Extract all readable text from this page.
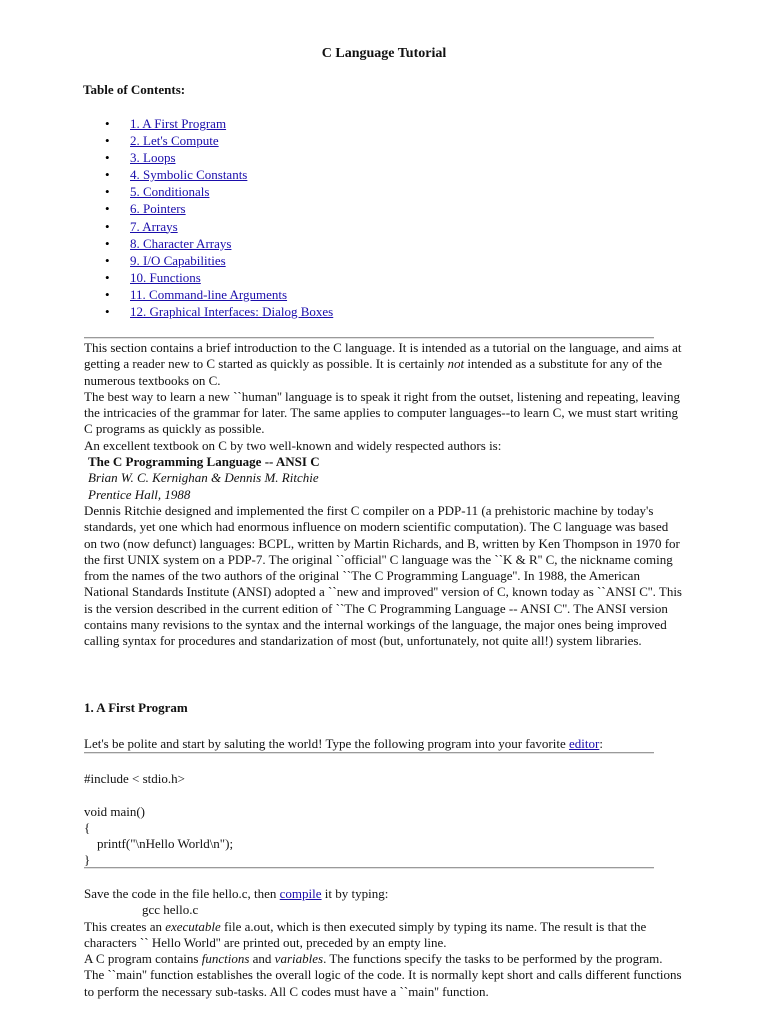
C Language Tutorial
Table of Contents:
• 1. A First Program
• 2. Let's Compute
• 3. Loops
• 4. Symbolic Constants
• 5. Conditionals
• 6. Pointers
• 7. Arrays
• 8. Character Arrays
• 9. I/O Capabilities
• 10. Functions
• 11. Command-line Arguments
• 12. Graphical Interfaces: Dialog Boxes

This section contains a brief introduction to the C language. It is intended as a tutorial on the language, and aims at getting a reader new to C started as quickly as possible. It is certainly not intended as a substitute for any of the numerous textbooks on C.

The best way to learn a new ``human'' language is to speak it right from the outset, listening and repeating, leaving the intricacies of the grammar for later. The same applies to computer languages--to learn C, we must start writing C programs as quickly as possible.

An excellent textbook on C by two well-known and widely respected authors is:

The C Programming Language -- ANSI C

Brian W. C. Kernighan & Dennis M. Ritchie

Prentice Hall, 1988

Dennis Ritchie designed and implemented the first C compiler on a PDP-11 (a prehistoric machine by today's standards, yet one which had enormous influence on modern scientific computation). The C language was based on two (now defunct) languages: BCPL, written by Martin Richards, and B, written by Ken Thompson in 1970 for the first UNIX system on a PDP-7. The original ``official'' C language was the ``K & R'' C, the nickname coming from the names of the two authors of the original ``The C Programming Language''. In 1988, the American National Standards Institute (ANSI) adopted a ``new and improved'' version of C, known today as ``ANSI C''. This is the version described in the current edition of ``The C Programming Language -- ANSI C''. The ANSI version contains many revisions to the syntax and the internal workings of the language, the major ones being improved calling syntax for procedures and standarization of most (but, unfortunately, not quite all!) system libraries.

1. A First Program
Let's be polite and start by saluting the world! Type the following program into your favorite editor:
#include < stdio.h>

void main()
{
printf("\nHello World\n");
}

Save the code in the file hello.c, then compile it by typing:

gcc hello.c

This creates an executable file a.out, which is then executed simply by typing its name. The result is that the characters `` Hello World'' are printed out, preceded by an empty line.

A C program contains functions and variables. The functions specify the tasks to be performed by the program. The ``main'' function establishes the overall logic of the code. It is normally kept short and calls different functions to perform the necessary sub-tasks. All C codes must have a ``main'' function.
